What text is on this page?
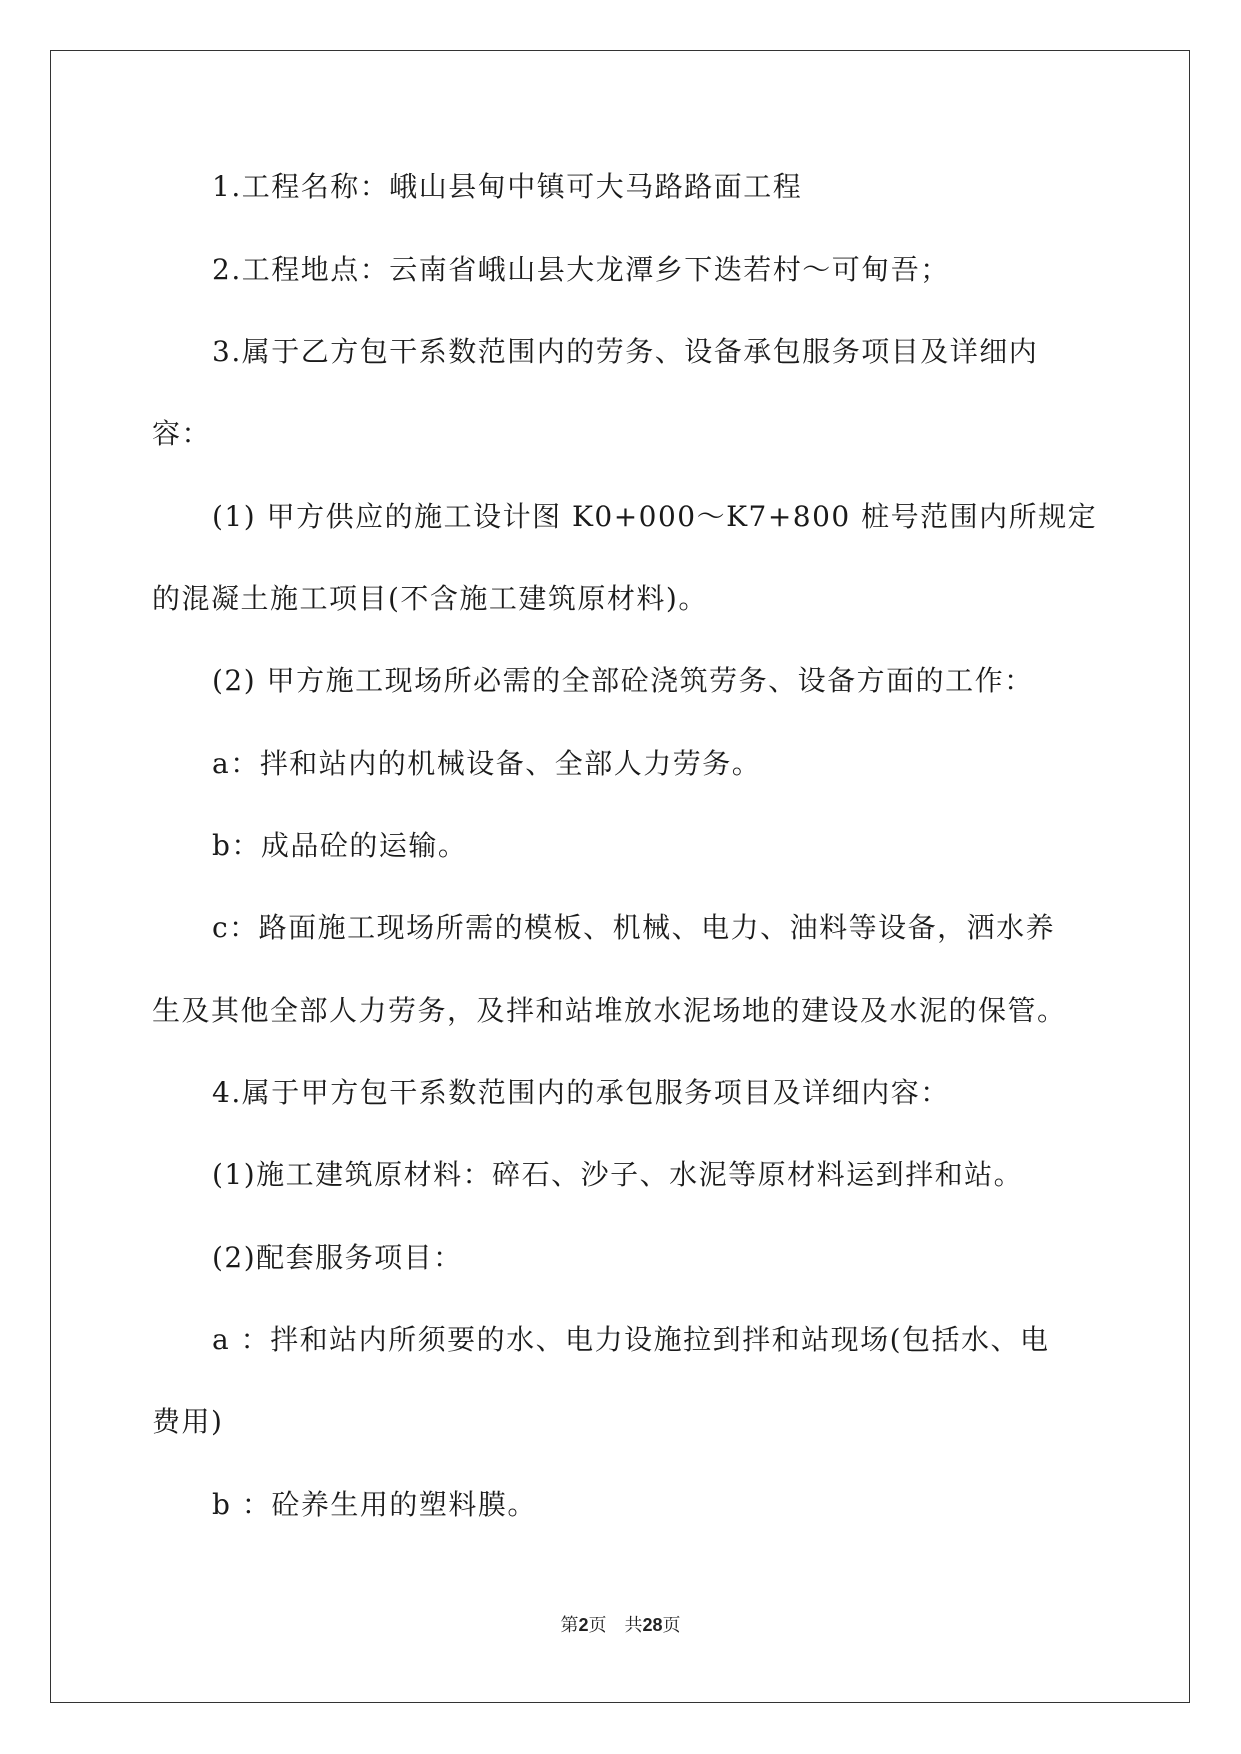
1.工程名称：峨山县甸中镇可大马路路面工程
2.工程地点：云南省峨山县大龙潭乡下迭若村～可甸吾；
3.属于乙方包干系数范围内的劳务、设备承包服务项目及详细内
容：
(1) 甲方供应的施工设计图 K0+000～K7+800 桩号范围内所规定
的混凝土施工项目(不含施工建筑原材料)。
(2) 甲方施工现场所必需的全部砼浇筑劳务、设备方面的工作：
a：拌和站内的机械设备、全部人力劳务。
b：成品砼的运输。
c：路面施工现场所需的模板、机械、电力、油料等设备，洒水养
生及其他全部人力劳务，及拌和站堆放水泥场地的建设及水泥的保管。
4.属于甲方包干系数范围内的承包服务项目及详细内容：
(1)施工建筑原材料：碎石、沙子、水泥等原材料运到拌和站。
(2)配套服务项目：
a ：拌和站内所须要的水、电力设施拉到拌和站现场(包括水、电
费用)
b ：砼养生用的塑料膜。
第2页 共28页
